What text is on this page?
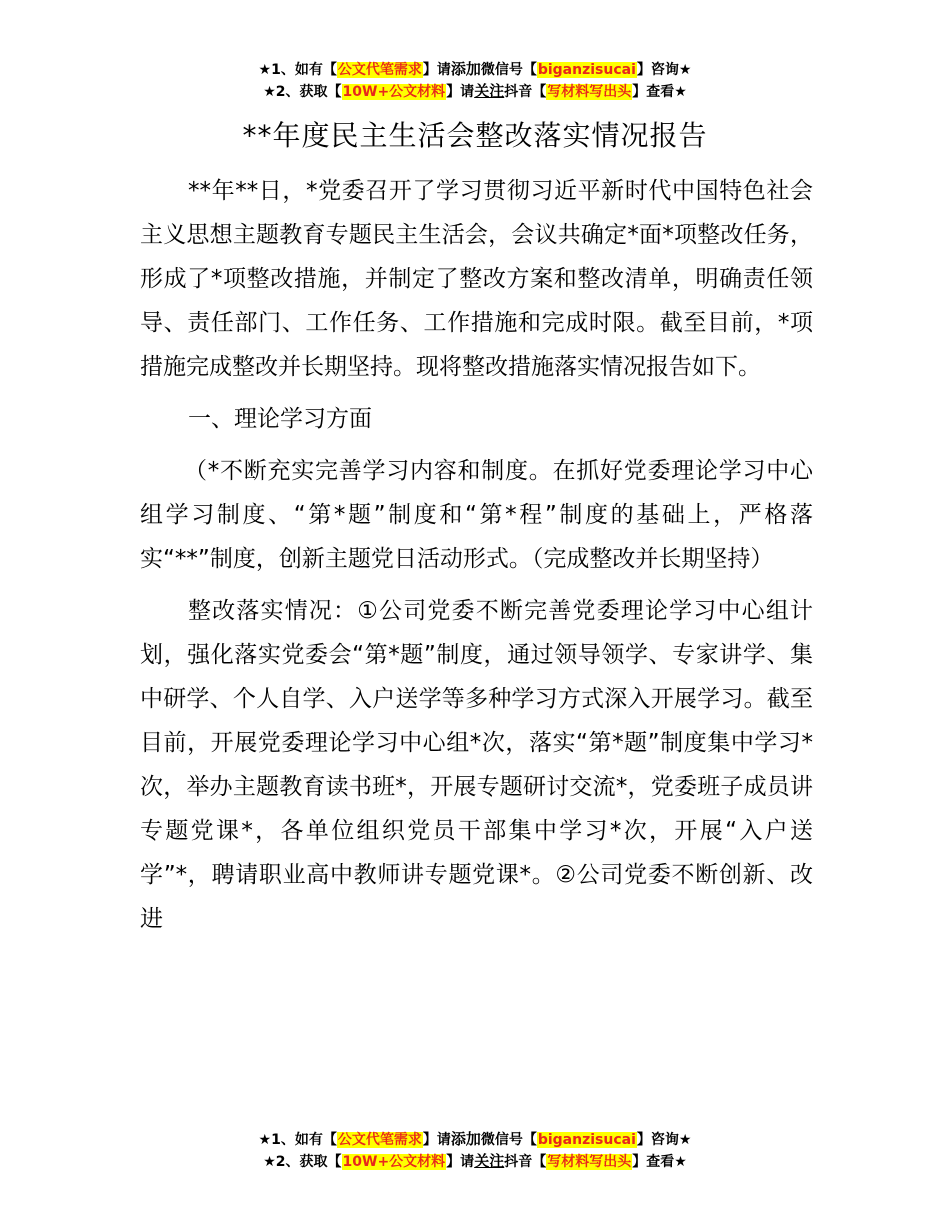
★1、如有【公文代笔需求】请添加微信号【biganzisucai】咨询★
★2、获取【10W+公文材料】请关注抖音【写材料写出头】查看★
**年度民主生活会整改落实情况报告

**年**日，*党委召开了学习贯彻习近平新时代中国特色社会主义思想主题教育专题民主生活会，会议共确定*面*项整改任务，形成了*项整改措施，并制定了整改方案和整改清单，明确责任领导、责任部门、工作任务、工作措施和完成时限。截至目前，*项措施完成整改并长期坚持。现将整改措施落实情况报告如下。

一、理论学习方面

（*不断充实完善学习内容和制度。在抓好党委理论学习中心组学习制度、“第*题”制度和“第*程”制度的基础上，严格落实“**”制度，创新主题党日活动形式。（完成整改并长期坚持）

整改落实情况：①公司党委不断完善党委理论学习中心组计划，强化落实党委会“第*题”制度，通过领导领学、专家讲学、集中研学、个人自学、入户送学等多种学习方式深入开展学习。截至目前，开展党委理论学习中心组*次，落实“第*题”制度集中学习*次，举办主题教育读书班*，开展专题研讨交流*，党委班子成员讲专题党课*，各单位组织党员干部集中学习*次，开展“入户送学”*，聘请职业高中教师讲专题党课*。②公司党委不断创新、改进

★1、如有【公文代笔需求】请添加微信号【biganzisucai】咨询★
★2、获取【10W+公文材料】请关注抖音【写材料写出头】查看★
